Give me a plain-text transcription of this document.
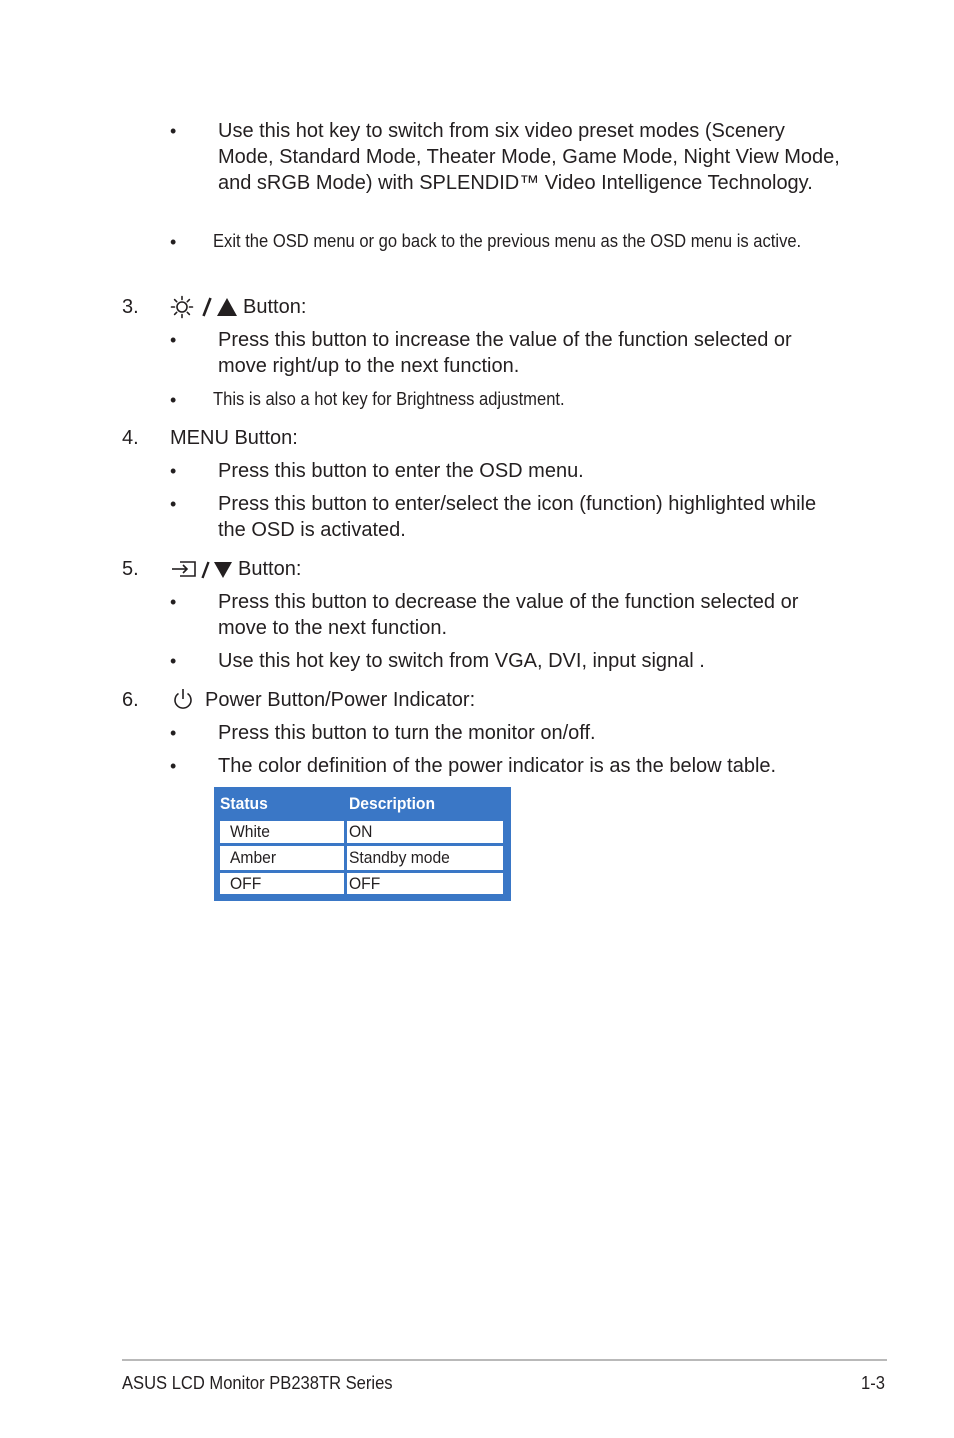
• Use this hot key to switch from six video preset modes (Scenery Mode, Standard Mode, Theater Mode, Game Mode, Night View Mode, and sRGB Mode) with SPLENDID™ Video Intelligence Technology.
• Exit the OSD menu or go back to the previous menu as the OSD menu is active.
3.	Button:
• Press this button to increase the value of the function selected or move right/up to the next function.
• This is also a hot key for Brightness adjustment.
4. MENU Button:
• Press this button to enter the OSD menu.
• Press this button to enter/select the icon (function) highlighted while the OSD is activated.
5.	Button:
• Press this button to decrease the value of the function selected or move to the next function.
• Use this hot key to switch from VGA, DVI, input signal .
6.	Power Button/Power Indicator:
• Press this button to turn the monitor on/off.
• The color definition of the power indicator is as the below table.
Status	Description
White	ON
Amber	Standby mode
OFF	OFF
ASUS LCD Monitor PB238TR Series	1-3
